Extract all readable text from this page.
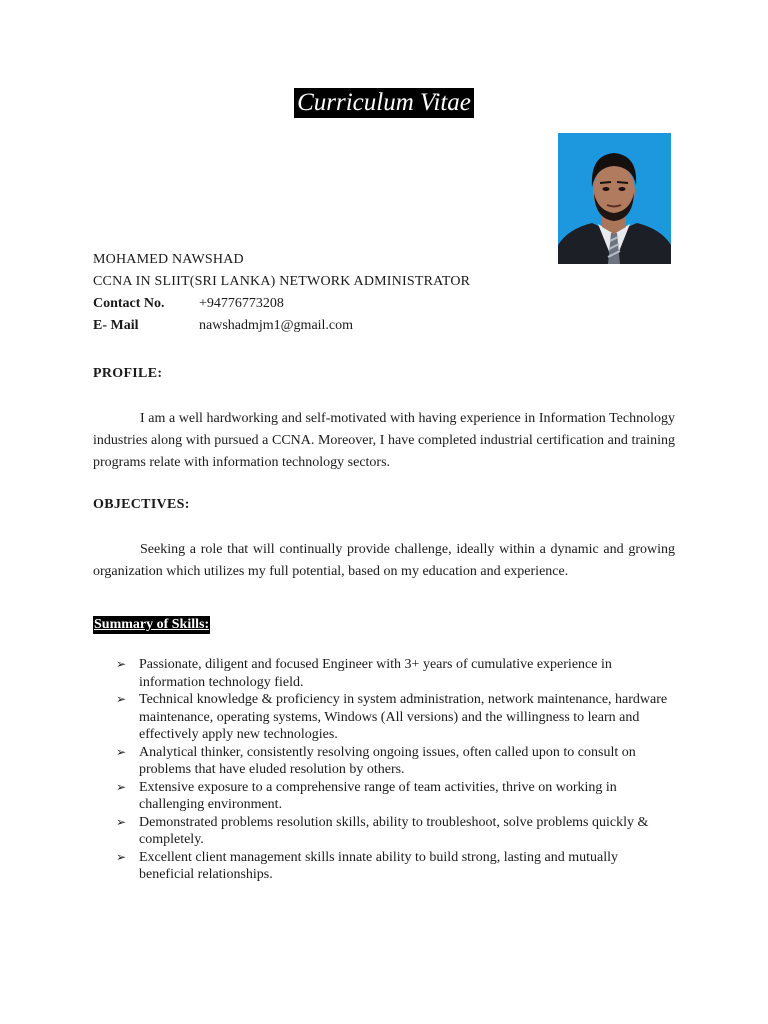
Curriculum Vitae
MOHAMED NAWSHAD
CCNA IN SLIIT(SRI LANKA) NETWORK ADMINISTRATOR
Contact No. +94776773208
E- Mail	nawshadmjm1@gmail.com
PROFILE:

I am a well hardworking and self-motivated with having experience in Information Technology industries along with pursued a CCNA. Moreover, I have completed industrial certification and training programs relate with information technology sectors.

OBJECTIVES:

Seeking a role that will continually provide challenge, ideally within a dynamic and growing organization which utilizes my full potential, based on my education and experience.

Summary of Skills:
➢ Passionate, diligent and focused Engineer with 3+ years of cumulative experience in information technology field.
➢ Technical knowledge & proficiency in system administration, network maintenance, hardware maintenance, operating systems, Windows (All versions) and the willingness to learn and effectively apply new technologies.
➢ Analytical thinker, consistently resolving ongoing issues, often called upon to consult on problems that have eluded resolution by others.
➢ Extensive exposure to a comprehensive range of team activities, thrive on working in challenging environment.
➢ Demonstrated problems resolution skills, ability to troubleshoot, solve problems quickly & completely.
➢ Excellent client management skills innate ability to build strong, lasting and mutually beneficial relationships.
